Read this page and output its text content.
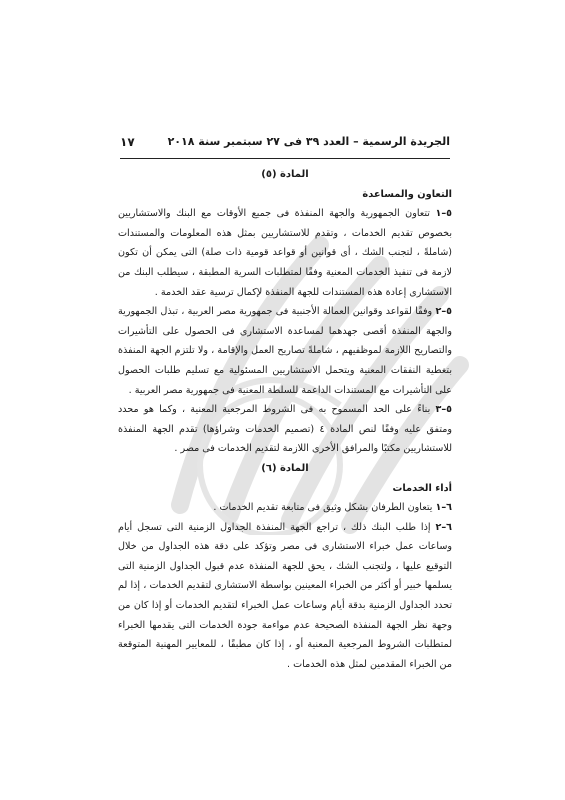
الجريدة الرسمية – العدد ٣٩ فى ٢٧ سبتمبر سنة ٢٠١٨
١٧

المادة (٥)

التعاون والمساعدة

٥–١ تتعاون الجمهورية والجهة المنفذة فى جميع الأوقات مع البنك والاستشاريين بخصوص تقديم الخدمات ، وتقدم للاستشاريين بمثل هذه المعلومات والمستندات (شاملةً ، لتجنب الشك ، أى قوانين أو قواعد قومية ذات صلة) التى يمكن أن تكون لازمة فى تنفيذ الخدمات المعنية وفقًا لمتطلبات السرية المطبقة ، سيطلب البنك من الاستشارى إعادة هذه المستندات للجهة المنفذة لإكمال ترسية عقد الخدمة .

٥–٢ وفقًا لقواعد وقوانين العمالة الأجنبية فى جمهورية مصر العربية ، تبذل الجمهورية والجهة المنفذة أقصى جهدهما لمساعدة الاستشارى فى الحصول على التأشيرات والتصاريح اللازمة لموظفيهم ، شاملةً تصاريح العمل والإقامة ، ولا تلتزم الجهة المنفذة بتغطية النفقات المعنية ويتحمل الاستشاريين المسئولية مع تسليم طلبات الحصول على التأشيرات مع المستندات الداعمة للسلطة المعنية فى جمهورية مصر العربية .

٥–٣ بناءً على الحد المسموح به فى الشروط المرجعية المعنية ، وكما هو محدد ومتفق عليه وفقًا لنص المادة ٤ (تصميم الخدمات وشراؤها) تقدم الجهة المنفذة للاستشاريين مكتبًا والمرافق الأخرى اللازمة لتقديم الخدمات فى مصر .

المادة (٦)

أداء الخدمات

٦–١ يتعاون الطرفان بشكل وثيق فى متابعة تقديم الخدمات .

٦–٢ إذا طلب البنك ذلك ، تراجع الجهة المنفذة الجداول الزمنية التى تسجل أيام وساعات عمل خبراء الاستشارى فى مصر وتؤكد على دقة هذه الجداول من خلال التوقيع عليها ، ولتجنب الشك ، يحق للجهة المنفذة عدم قبول الجداول الزمنية التى يسلمها خبير أو أكثر من الخبراء المعينين بواسطة الاستشارى لتقديم الخدمات ، إذا لم تحدد الجداول الزمنية بدقة أيام وساعات عمل الخبراء لتقديم الخدمات أو إذا كان من وجهة نظر الجهة المنفذة الصحيحة عدم مواءمة جودة الخدمات التى يقدمها الخبراء لمتطلبات الشروط المرجعية المعنية أو ، إذا كان مطبقًا ، للمعايير المهنية المتوقعة من الخبراء المقدمين لمثل هذه الخدمات .
